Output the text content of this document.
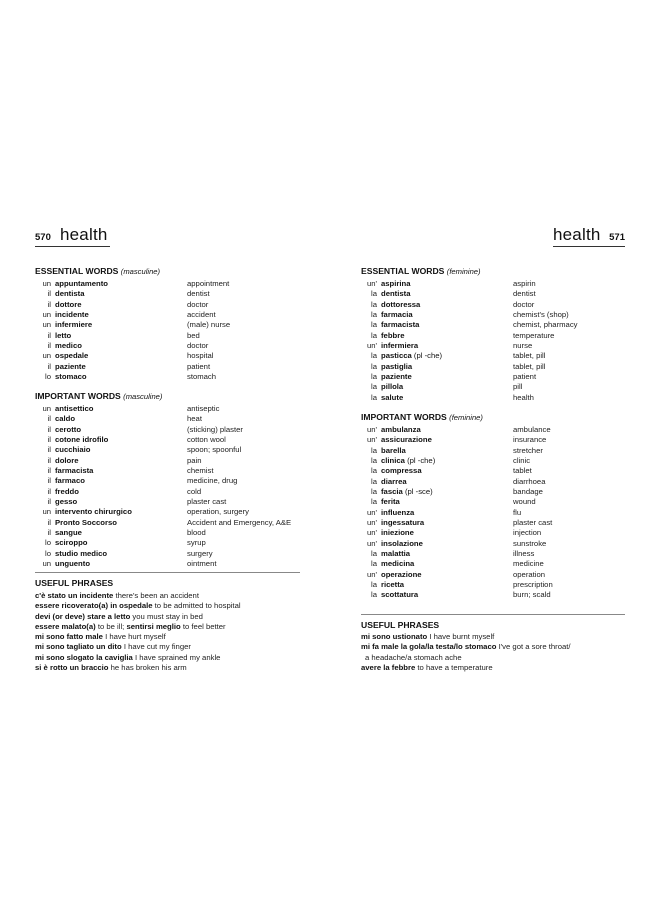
570 health
ESSENTIAL WORDS (masculine)
un appuntamento	appointment
il dentista	dentist
il dottore	doctor
un incidente	accident
un infermiere	(male) nurse
il letto	bed
il medico	doctor
un ospedale	hospital
il paziente	patient
lo stomaco	stomach
IMPORTANT WORDS (masculine)
un antisettico	antiseptic
il caldo	heat
il cerotto	(sticking) plaster
il cotone idrofilo	cotton wool
il cucchiaio	spoon; spoonful
il dolore	pain
il farmacista	chemist
il farmaco	medicine, drug
il freddo	cold
il gesso	plaster cast
un intervento chirurgico	operation, surgery
il Pronto Soccorso	Accident and Emergency, A&E
il sangue	blood
lo sciroppo	syrup
lo studio medico	surgery
un unguento	ointment
USEFUL PHRASES
c'è stato un incidente there's been an accident
essere ricoverato(a) in ospedale to be admitted to hospital
devi (or deve) stare a letto you must stay in bed
essere malato(a) to be ill; sentirsi meglio to feel better
mi sono fatto male I have hurt myself
mi sono tagliato un dito I have cut my finger
mi sono slogato la caviglia I have sprained my ankle
si è rotto un braccio he has broken his arm
health 571
ESSENTIAL WORDS (feminine)
un' aspirina	aspirin
la dentista	dentist
la dottoressa	doctor
la farmacia	chemist's (shop)
la farmacista	chemist, pharmacy
la febbre	temperature
un' infermiera	nurse
la pasticca (pl -che)	tablet, pill
la pastiglia	tablet, pill
la paziente	patient
la pillola	pill
la salute	health
IMPORTANT WORDS (feminine)
un' ambulanza	ambulance
un' assicurazione	insurance
la barella	stretcher
la clinica (pl -che)	clinic
la compressa	tablet
la diarrea	diarrhoea
la fascia (pl -sce)	bandage
la ferita	wound
un' influenza	flu
un' ingessatura	plaster cast
un' iniezione	injection
un' insolazione	sunstroke
la malattia	illness
la medicina	medicine
un' operazione	operation
la ricetta	prescription
la scottatura	burn; scald
USEFUL PHRASES
mi sono ustionato I have burnt myself
mi fa male la gola/la testa/lo stomaco I've got a sore throat/
a headache/a stomach ache
avere la febbre to have a temperature
